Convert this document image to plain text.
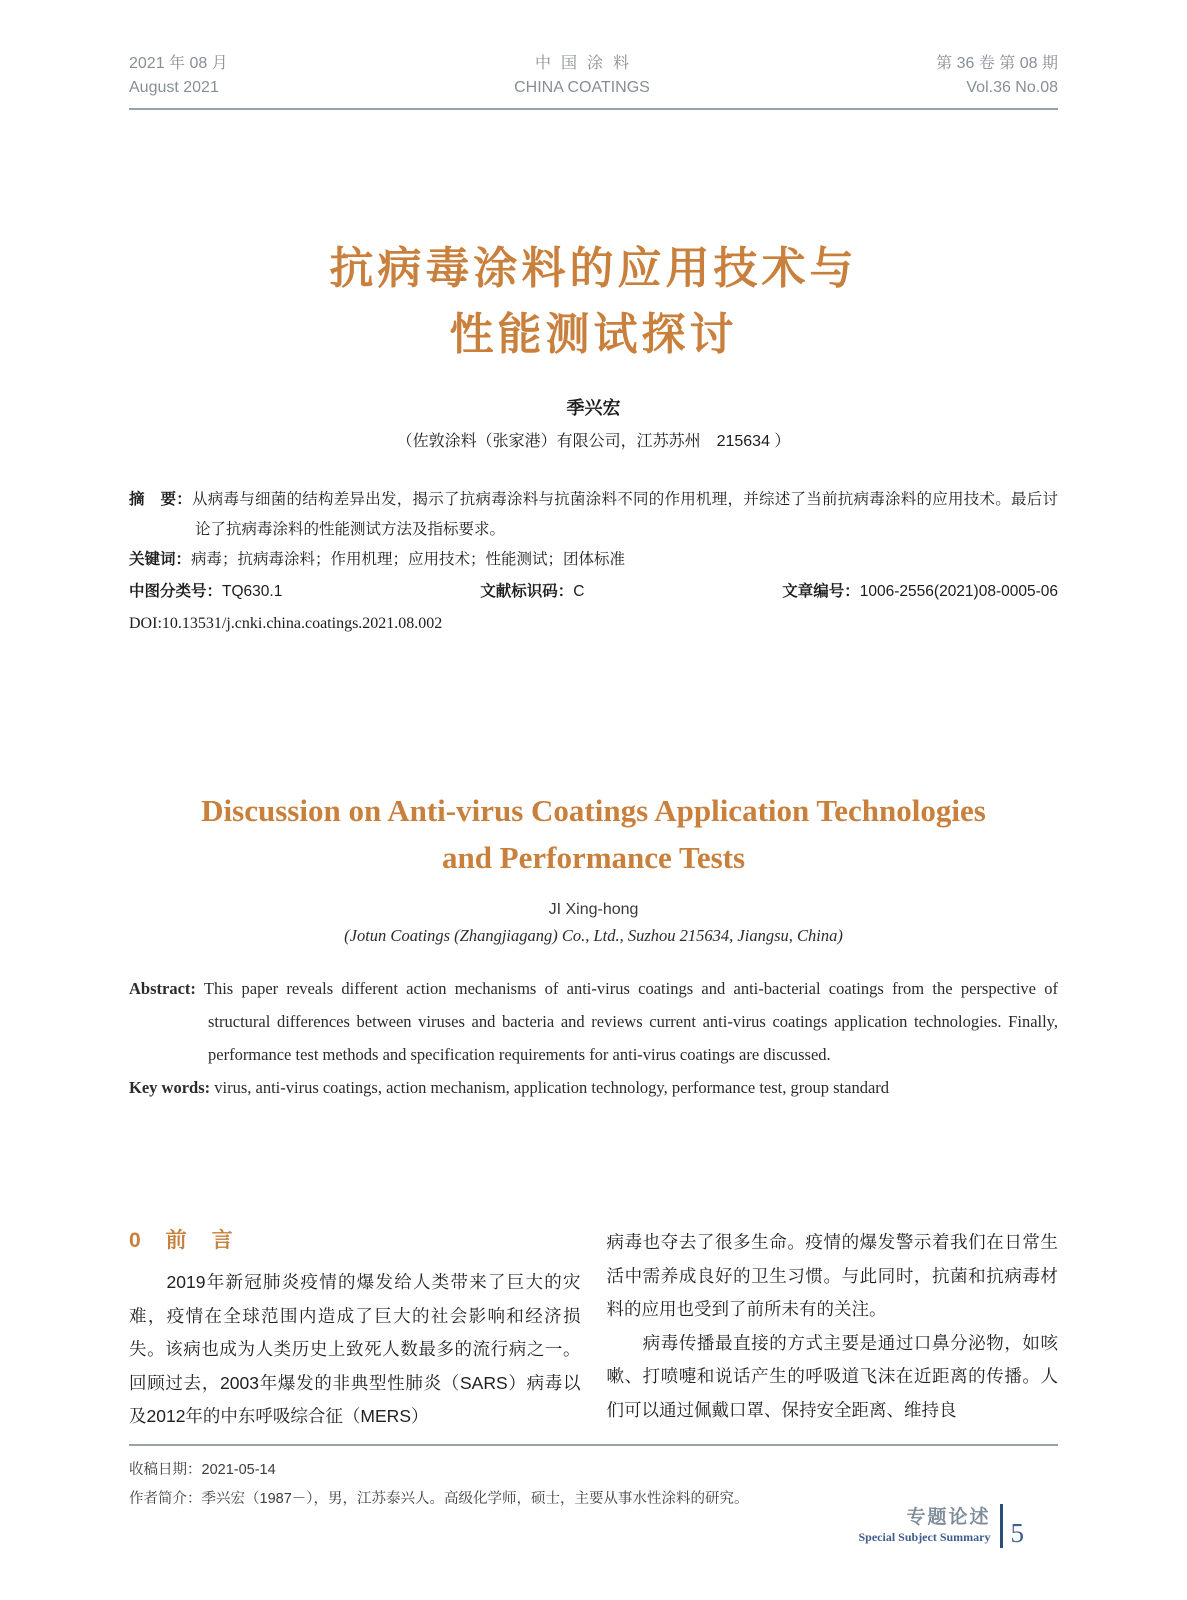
2021 年 08 月
August 2021
中国涂料
CHINA COATINGS
第 36 卷 第 08 期
Vol.36 No.08
抗病毒涂料的应用技术与
性能测试探讨
季兴宏
（佐敦涂料（张家港）有限公司，江苏苏州　215634 ）

摘　要：从病毒与细菌的结构差异出发，揭示了抗病毒涂料与抗菌涂料不同的作用机理，并综述了当前抗病毒涂料的应用技术。最后讨论了抗病毒涂料的性能测试方法及指标要求。

关键词：病毒；抗病毒涂料；作用机理；应用技术；性能测试；团体标准

中图分类号：TQ630.1	文献标识码：C	文章编号：1006-2556(2021)08-0005-06
DOI:10.13531/j.cnki.china.coatings.2021.08.002
Discussion on Anti-virus Coatings Application Technologies
and Performance Tests
JI Xing-hong
(Jotun Coatings (Zhangjiagang) Co., Ltd., Suzhou 215634, Jiangsu, China)

Abstract: This paper reveals different action mechanisms of anti-virus coatings and anti-bacterial coatings from the perspective of structural differences between viruses and bacteria and reviews current anti-virus coatings application technologies. Finally, performance test methods and specification requirements for anti-virus coatings are discussed.

Key words: virus, anti-virus coatings, action mechanism, application technology, performance test, group standard

0　前　言

　　2019年新冠肺炎疫情的爆发给人类带来了巨大的灾难，疫情在全球范围内造成了巨大的社会影响和经济损失。该病也成为人类历史上致死人数最多的流行病之一。回顾过去，2003年爆发的非典型性肺炎（SARS）病毒以及2012年的中东呼吸综合征（MERS）

病毒也夺去了很多生命。疫情的爆发警示着我们在日常生活中需养成良好的卫生习惯。与此同时，抗菌和抗病毒材料的应用也受到了前所未有的关注。

　　病毒传播最直接的方式主要是通过口鼻分泌物，如咳嗽、打喷嚏和说话产生的呼吸道飞沫在近距离的传播。人们可以通过佩戴口罩、保持安全距离、维持良

收稿日期：2021-05-14
作者简介：季兴宏（1987－），男，江苏泰兴人。高级化学师，硕士，主要从事水性涂料的研究。
专题论述
Special Subject Summary 5
